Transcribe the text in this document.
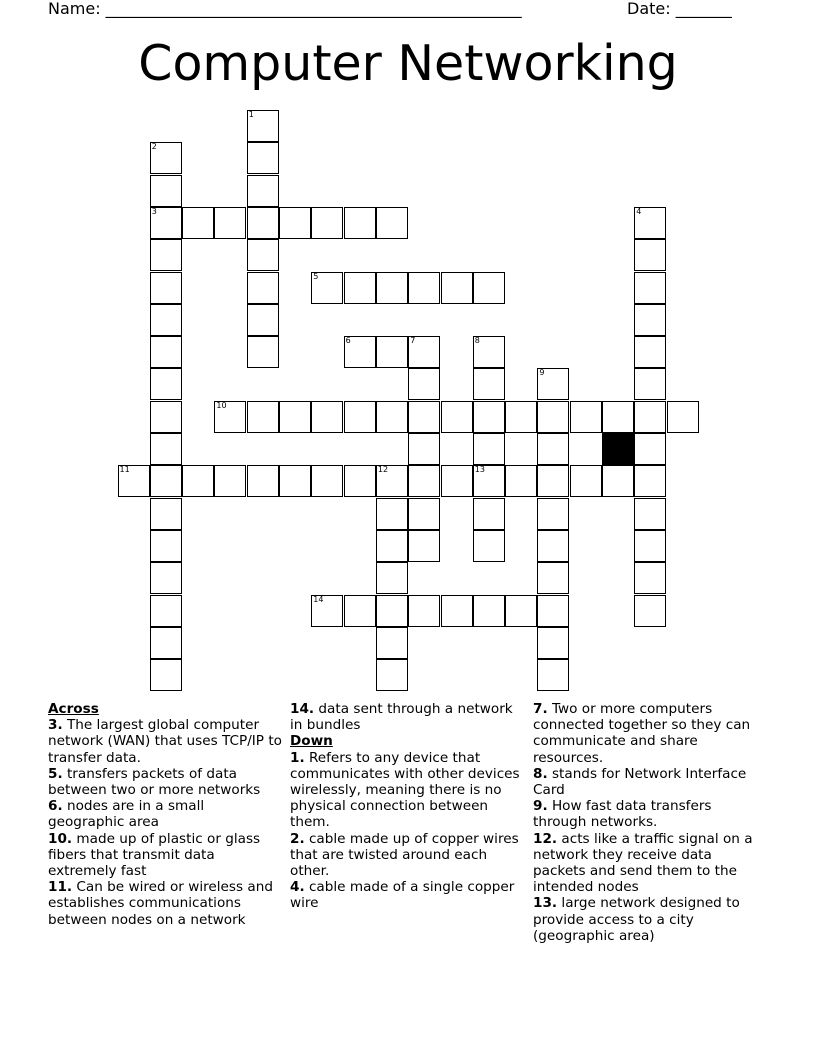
Name: ____________________________________________________	Date: _______
Computer Networking
1
2
3	4
5
6	7	8
13
9
10
11	12
14
Across
3. The largest global computer network (WAN) that uses TCP/IP to transfer data.
5. transfers packets of data between two or more networks
6. nodes are in a small geographic area
10. made up of plastic or glass fibers that transmit data extremely fast
11. Can be wired or wireless and establishes communications between nodes on a network
14. data sent through a network in bundles
Down
1. Refers to any device that communicates with other devices wirelessly, meaning there is no physical connection between them.
2. cable made up of copper wires that are twisted around each other.
4. cable made of a single copper wire
7. Two or more computers connected together so they can communicate and share resources.
8. stands for Network Interface Card
9. How fast data transfers through networks.
12. acts like a traffic signal on a network they receive data packets and send them to the intended nodes
13. large network designed to provide access to a city (geographic area)
